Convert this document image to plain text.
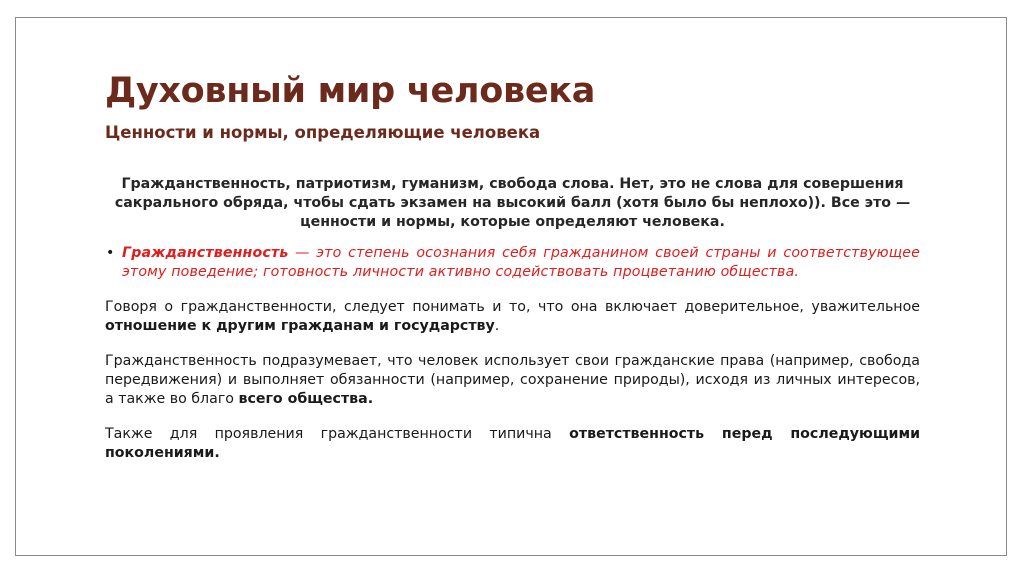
Духовный мир человека
Ценности и нормы, определяющие человека

Гражданственность, патриотизм, гуманизм, свобода слова. Нет, это не слова для совершения сакрального обряда, чтобы сдать экзамен на высокий балл (хотя было бы неплохо)). Все это — ценности и нормы, которые определяют человека.

• Гражданственность — это степень осознания себя гражданином своей страны и соответствующее этому поведение; готовность личности активно содействовать процветанию общества.

Говоря о гражданственности, следует понимать и то, что она включает доверительное, уважительное отношение к другим гражданам и государству.

Гражданственность подразумевает, что человек использует свои гражданские права (например, свобода передвижения) и выполняет обязанности (например, сохранение природы), исходя из личных интересов, а также во благо всего общества.

Также для проявления гражданственности типична ответственность перед последующими поколениями.
